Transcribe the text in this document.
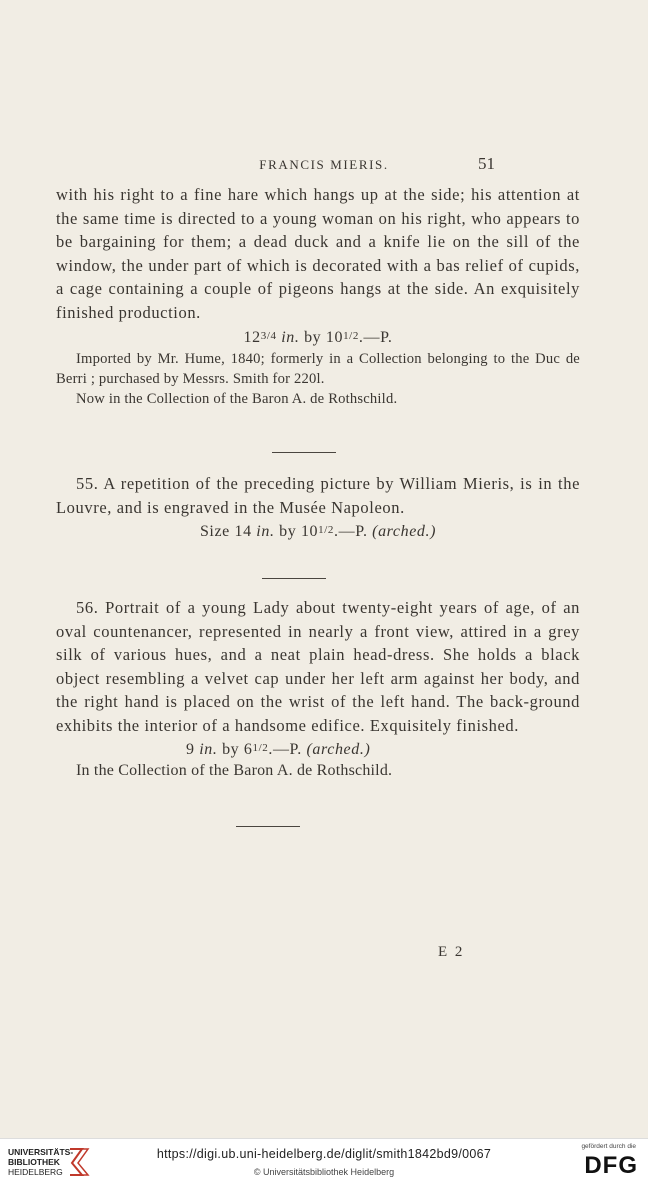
FRANCIS MIERIS.	51

with his right to a fine hare which hangs up at the side; his attention at the same time is directed to a young woman on his right, who appears to be bargaining for them; a dead duck and a knife lie on the sill of the window, the under part of which is decorated with a bas relief of cupids, a cage containing a couple of pigeons hangs at the side. An exquisitely finished production.

123/4 in. by 101/2.—P.

Imported by Mr. Hume, 1840; formerly in a Collection belonging to the Duc de Berri ; purchased by Messrs. Smith for 220l.

Now in the Collection of the Baron A. de Rothschild.

55. A repetition of the preceding picture by William Mieris, is in the Louvre, and is engraved in the Musée Napoleon.

Size 14 in. by 101/2.—P. (arched.)

56. Portrait of a young Lady about twenty-eight years of age, of an oval countenancer, represented in nearly a front view, attired in a grey silk of various hues, and a neat plain head-dress. She holds a black object resembling a velvet cap under her left arm against her body, and the right hand is placed on the wrist of the left hand. The back-ground exhibits the interior of a handsome edifice. Exquisitely finished.

9 in. by 61/2.—P. (arched.)

In the Collection of the Baron A. de Rothschild.

E 2
UNIVERSITÄTS-
BIBLIOTHEK
HEIDELBERG
https://digi.ub.uni-heidelberg.de/diglit/smith1842bd9/0067
© Universitätsbibliothek Heidelberg
gefördert durch die
DFG
